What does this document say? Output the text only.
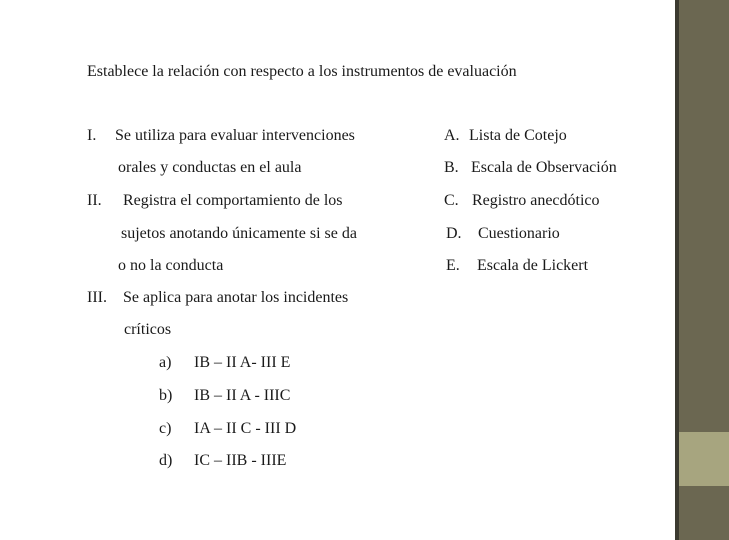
Establece la relación con respecto a los instrumentos de evaluación
I. Se utiliza para evaluar intervenciones
orales y conductas en el aula
II. Registra el comportamiento de los
sujetos anotando únicamente si se da
o no la conducta
III. Se aplica para anotar los incidentes
críticos
A. Lista de Cotejo
B. Escala de Observación
C. Registro anecdótico
D. Cuestionario
E. Escala de Lickert
a) IB – II A- III E
b) IB – II A - IIIC
c) IA – II C - III D
d) IC – IIB - IIIE
